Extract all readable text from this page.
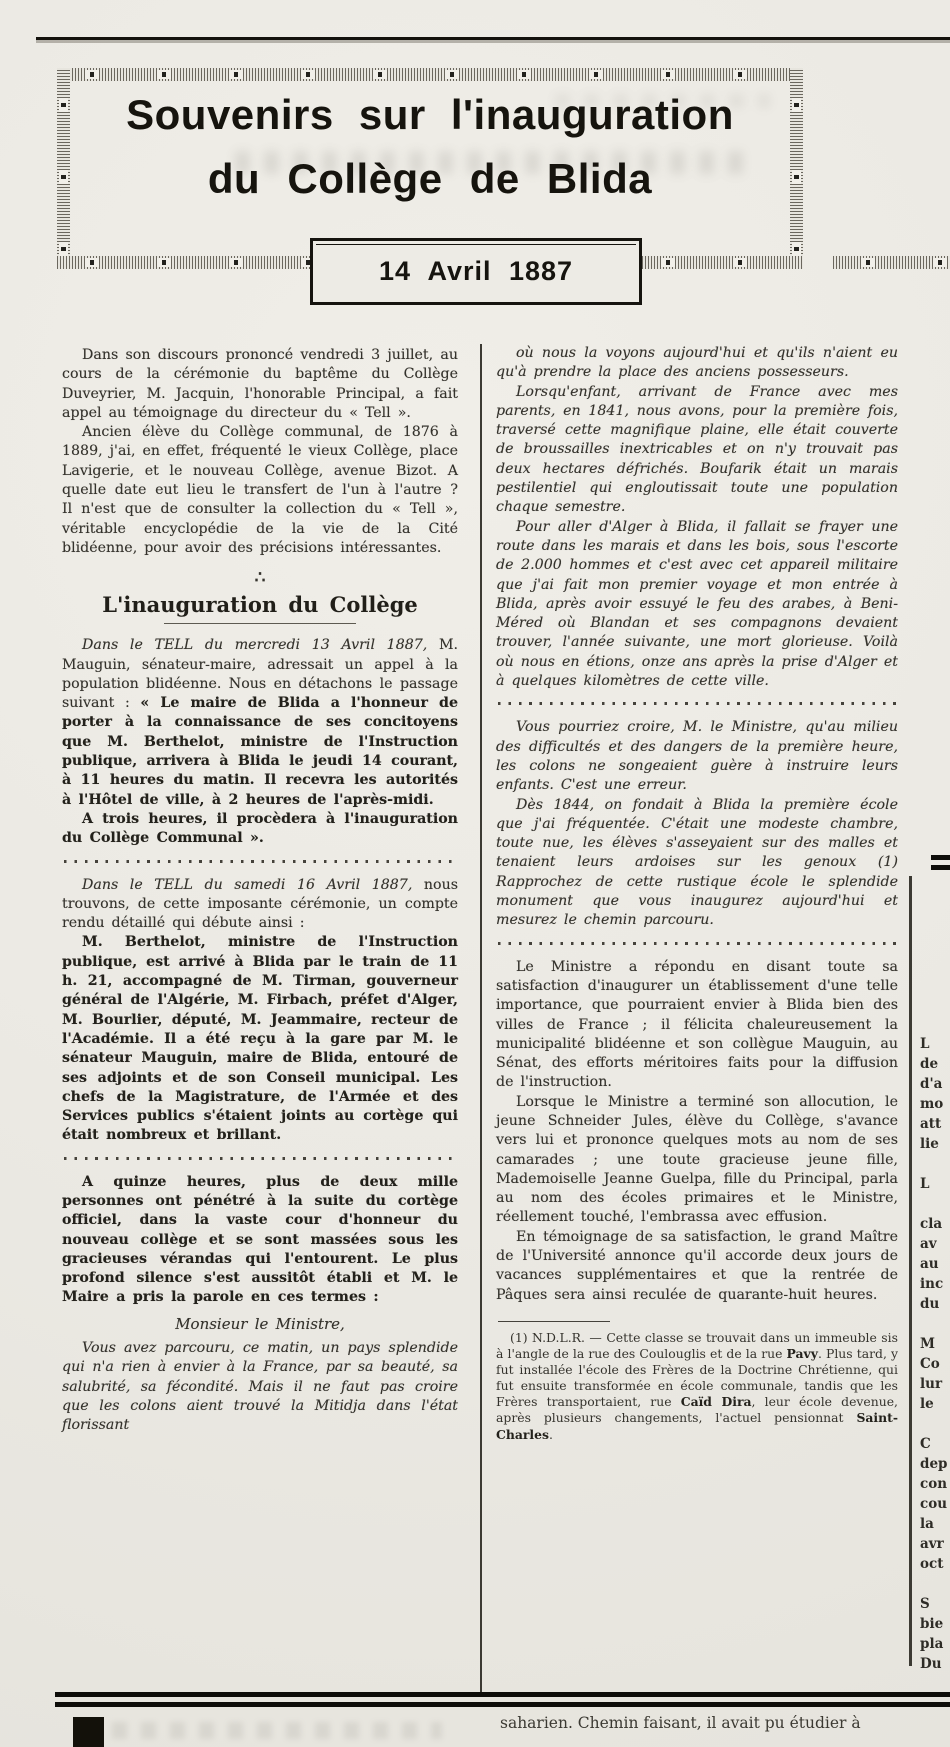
Souvenirs sur l'inauguration
du Collège de Blida
14 Avril 1887

Dans son discours prononcé vendredi 3 juillet, au cours de la cérémonie du baptême du Collège Duveyrier, M. Jacquin, l'honorable Principal, a fait appel au témoignage du directeur du « Tell ».

Ancien élève du Collège communal, de 1876 à 1889, j'ai, en effet, fréquenté le vieux Collège, place Lavigerie, et le nouveau Collège, avenue Bizot. A quelle date eut lieu le transfert de l'un à l'autre ? Il n'est que de consulter la collection du « Tell », véritable encyclopédie de la vie de la Cité blidéenne, pour avoir des précisions intéressantes.

∴
L'inauguration du Collège

Dans le TELL du mercredi 13 Avril 1887, M. Mauguin, sénateur-maire, adressait un appel à la population blidéenne. Nous en détachons le passage suivant : « Le maire de Blida a l'honneur de porter à la connaissance de ses concitoyens que M. Berthelot, ministre de l'Instruction publique, arrivera à Blida le jeudi 14 courant, à 11 heures du matin. Il recevra les autorités à l'Hôtel de ville, à 2 heures de l'après-midi.

A trois heures, il procèdera à l'inauguration du Collège Communal ».

Dans le TELL du samedi 16 Avril 1887, nous trouvons, de cette imposante cérémonie, un compte rendu détaillé qui débute ainsi :

M. Berthelot, ministre de l'Instruction publique, est arrivé à Blida par le train de 11 h. 21, accompagné de M. Tirman, gouverneur général de l'Algérie, M. Firbach, préfet d'Alger, M. Bourlier, député, M. Jeammaire, recteur de l'Académie. Il a été reçu à la gare par M. le sénateur Mauguin, maire de Blida, entouré de ses adjoints et de son Conseil municipal. Les chefs de la Magistrature, de l'Armée et des Services publics s'étaient joints au cortège qui était nombreux et brillant.

A quinze heures, plus de deux mille personnes ont pénétré à la suite du cortège officiel, dans la vaste cour d'honneur du nouveau collège et se sont massées sous les gracieuses vérandas qui l'entourent. Le plus profond silence s'est aussitôt établi et M. le Maire a pris la parole en ces termes :

Monsieur le Ministre,

Vous avez parcouru, ce matin, un pays splendide qui n'a rien à envier à la France, par sa beauté, sa salubrité, sa fécondité. Mais il ne faut pas croire que les colons aient trouvé la Mitidja dans l'état florissant

où nous la voyons aujourd'hui et qu'ils n'aient eu qu'à prendre la place des anciens possesseurs.

Lorsqu'enfant, arrivant de France avec mes parents, en 1841, nous avons, pour la première fois, traversé cette magnifique plaine, elle était couverte de broussailles inextricables et on n'y trouvait pas deux hectares défrichés. Boufarik était un marais pestilentiel qui engloutissait toute une population chaque semestre.

Pour aller d'Alger à Blida, il fallait se frayer une route dans les marais et dans les bois, sous l'escorte de 2.000 hommes et c'est avec cet appareil militaire que j'ai fait mon premier voyage et mon entrée à Blida, après avoir essuyé le feu des arabes, à Beni-Méred où Blandan et ses compagnons devaient trouver, l'année suivante, une mort glorieuse. Voilà où nous en étions, onze ans après la prise d'Alger et à quelques kilomètres de cette ville.

Vous pourriez croire, M. le Ministre, qu'au milieu des difficultés et des dangers de la première heure, les colons ne songeaient guère à instruire leurs enfants. C'est une erreur.

Dès 1844, on fondait à Blida la première école que j'ai fréquentée. C'était une modeste chambre, toute nue, les élèves s'asseyaient sur des malles et tenaient leurs ardoises sur les genoux (1) Rapprochez de cette rustique école le splendide monument que vous inaugurez aujourd'hui et mesurez le chemin parcouru.

Le Ministre a répondu en disant toute sa satisfaction d'inaugurer un établissement d'une telle importance, que pourraient envier à Blida bien des villes de France ; il félicita chaleureusement la municipalité blidéenne et son collègue Mauguin, au Sénat, des efforts méritoires faits pour la diffusion de l'instruction.

Lorsque le Ministre a terminé son allocution, le jeune Schneider Jules, élève du Collège, s'avance vers lui et prononce quelques mots au nom de ses camarades ; une toute gracieuse jeune fille, Mademoiselle Jeanne Guelpa, fille du Principal, parla au nom des écoles primaires et le Ministre, réellement touché, l'embrassa avec effusion.

En témoignage de sa satisfaction, le grand Maître de l'Université annonce qu'il accorde deux jours de vacances supplémentaires et que la rentrée de Pâques sera ainsi reculée de quarante-huit heures.

(1) N.D.L.R. — Cette classe se trouvait dans un immeuble sis à l'angle de la rue des Coulouglis et de la rue Pavy. Plus tard, y fut installée l'école des Frères de la Doctrine Chrétienne, qui fut ensuite transformée en école communale, tandis que les Frères transportaient, rue Caïd Dira, leur école devenue, après plusieurs changements, l'actuel pensionnat Saint-Charles.

L
de
d'a
mo
att
lie

L

cla
av
au
inc
du

M
Co
lur
le

C
dep
con
cou
la
avr
oct

S
bie
pla
Du
saharien. Chemin faisant, il avait pu étudier à
